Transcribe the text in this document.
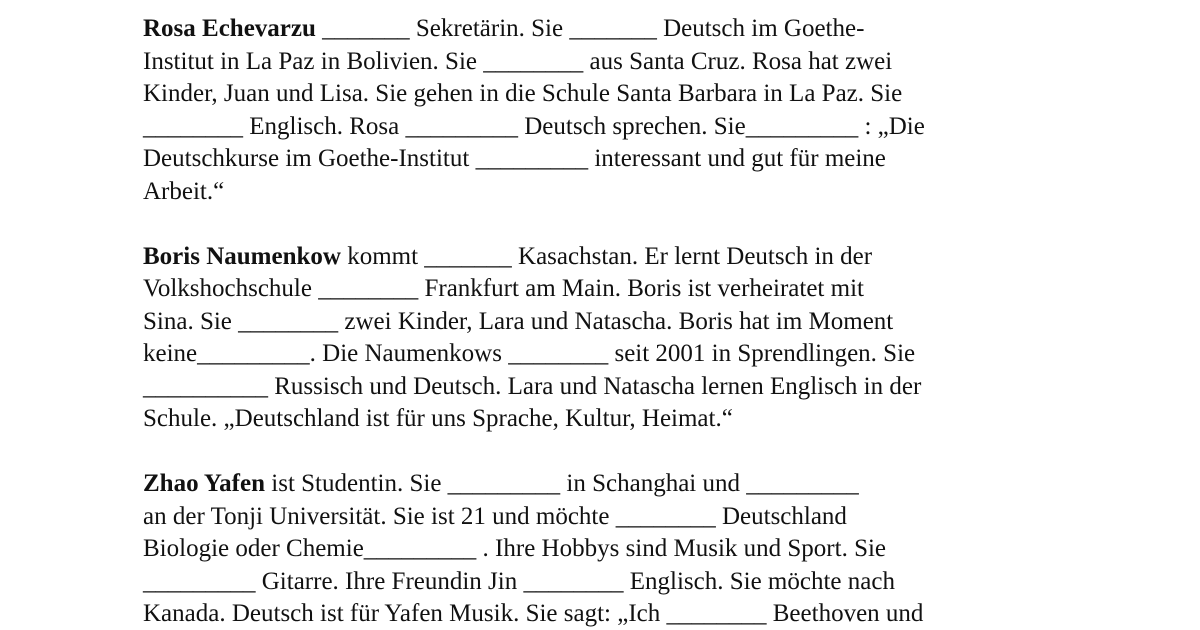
Rosa Echevarzu _______ Sekretärin. Sie _______ Deutsch im Goethe-
Institut in La Paz in Bolivien. Sie ________ aus Santa Cruz. Rosa hat zwei
Kinder, Juan und Lisa. Sie gehen in die Schule Santa Barbara in La Paz. Sie
________ Englisch. Rosa _________ Deutsch sprechen. Sie_________ : „Die
Deutschkurse im Goethe-Institut _________ interessant und gut für meine
Arbeit.“
Boris Naumenkow kommt _______ Kasachstan. Er lernt Deutsch in der
Volkshochschule ________ Frankfurt am Main. Boris ist verheiratet mit
Sina. Sie ________ zwei Kinder, Lara und Natascha. Boris hat im Moment
keine_________. Die Naumenkows ________ seit 2001 in Sprendlingen. Sie
__________ Russisch und Deutsch. Lara und Natascha lernen Englisch in der
Schule. „Deutschland ist für uns Sprache, Kultur, Heimat.“
Zhao Yafen ist Studentin. Sie _________ in Schanghai und _________
an der Tonji Universität. Sie ist 21 und möchte ________ Deutschland
Biologie oder Chemie_________ . Ihre Hobbys sind Musik und Sport. Sie
_________ Gitarre. Ihre Freundin Jin ________ Englisch. Sie möchte nach
Kanada. Deutsch ist für Yafen Musik. Sie sagt: „Ich ________ Beethoven und
